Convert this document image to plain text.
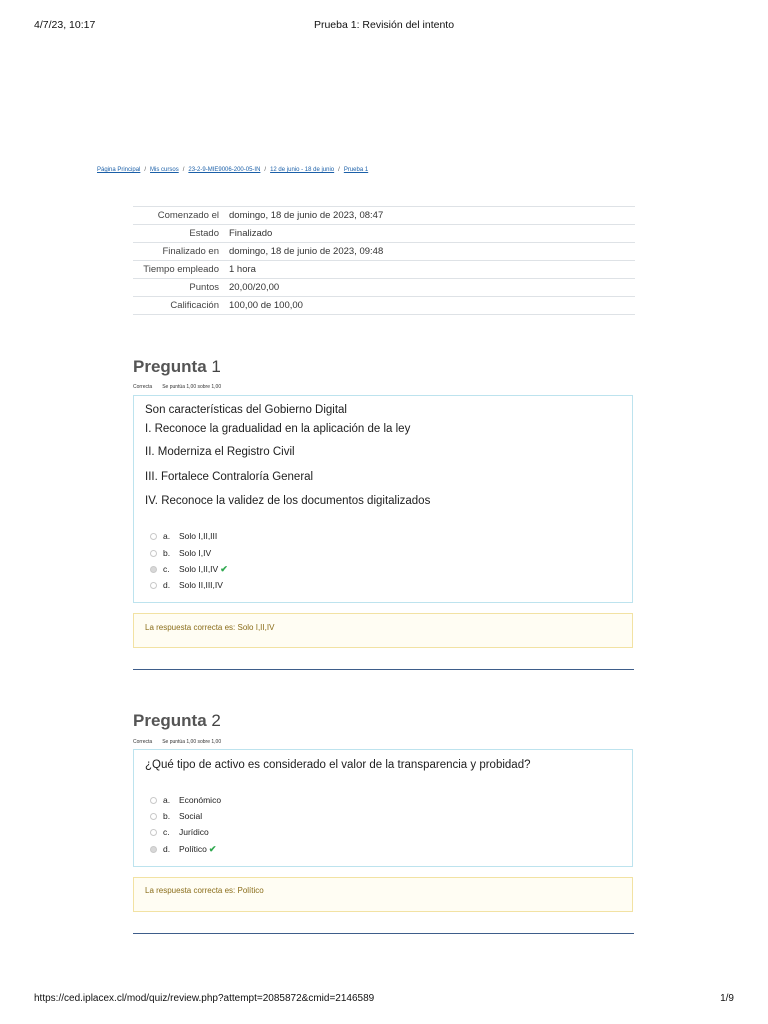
4/7/23, 10:17	Prueba 1: Revisión del intento
Página Principal / Mis cursos / 23-2-9-MIE9006-200-05-IN / 12 de junio - 18 de junio / Prueba 1
Comenzado el	domingo, 18 de junio de 2023, 08:47
Estado	Finalizado
Finalizado en	domingo, 18 de junio de 2023, 09:48
Tiempo empleado	1 hora
Puntos	20,00/20,00
Calificación	100,00 de 100,00
Pregunta 1
Correcta Se puntúa 1,00 sobre 1,00
Son características del Gobierno Digital
I. Reconoce la gradualidad en la aplicación de la ley
II. Moderniza el Registro Civil
III. Fortalece Contraloría General
IV. Reconoce la validez de los documentos digitalizados
a. Solo I,II,III
b. Solo I,IV
c. Solo I,II,IV ✔
d. Solo II,III,IV
La respuesta correcta es: Solo I,II,IV
Pregunta 2
Correcta Se puntúa 1,00 sobre 1,00
¿Qué tipo de activo es considerado el valor de la transparencia y probidad?
a. Económico
b. Social
c. Jurídico
d. Político ✔
La respuesta correcta es: Político
https://ced.iplacex.cl/mod/quiz/review.php?attempt=2085872&cmid=2146589	1/9
